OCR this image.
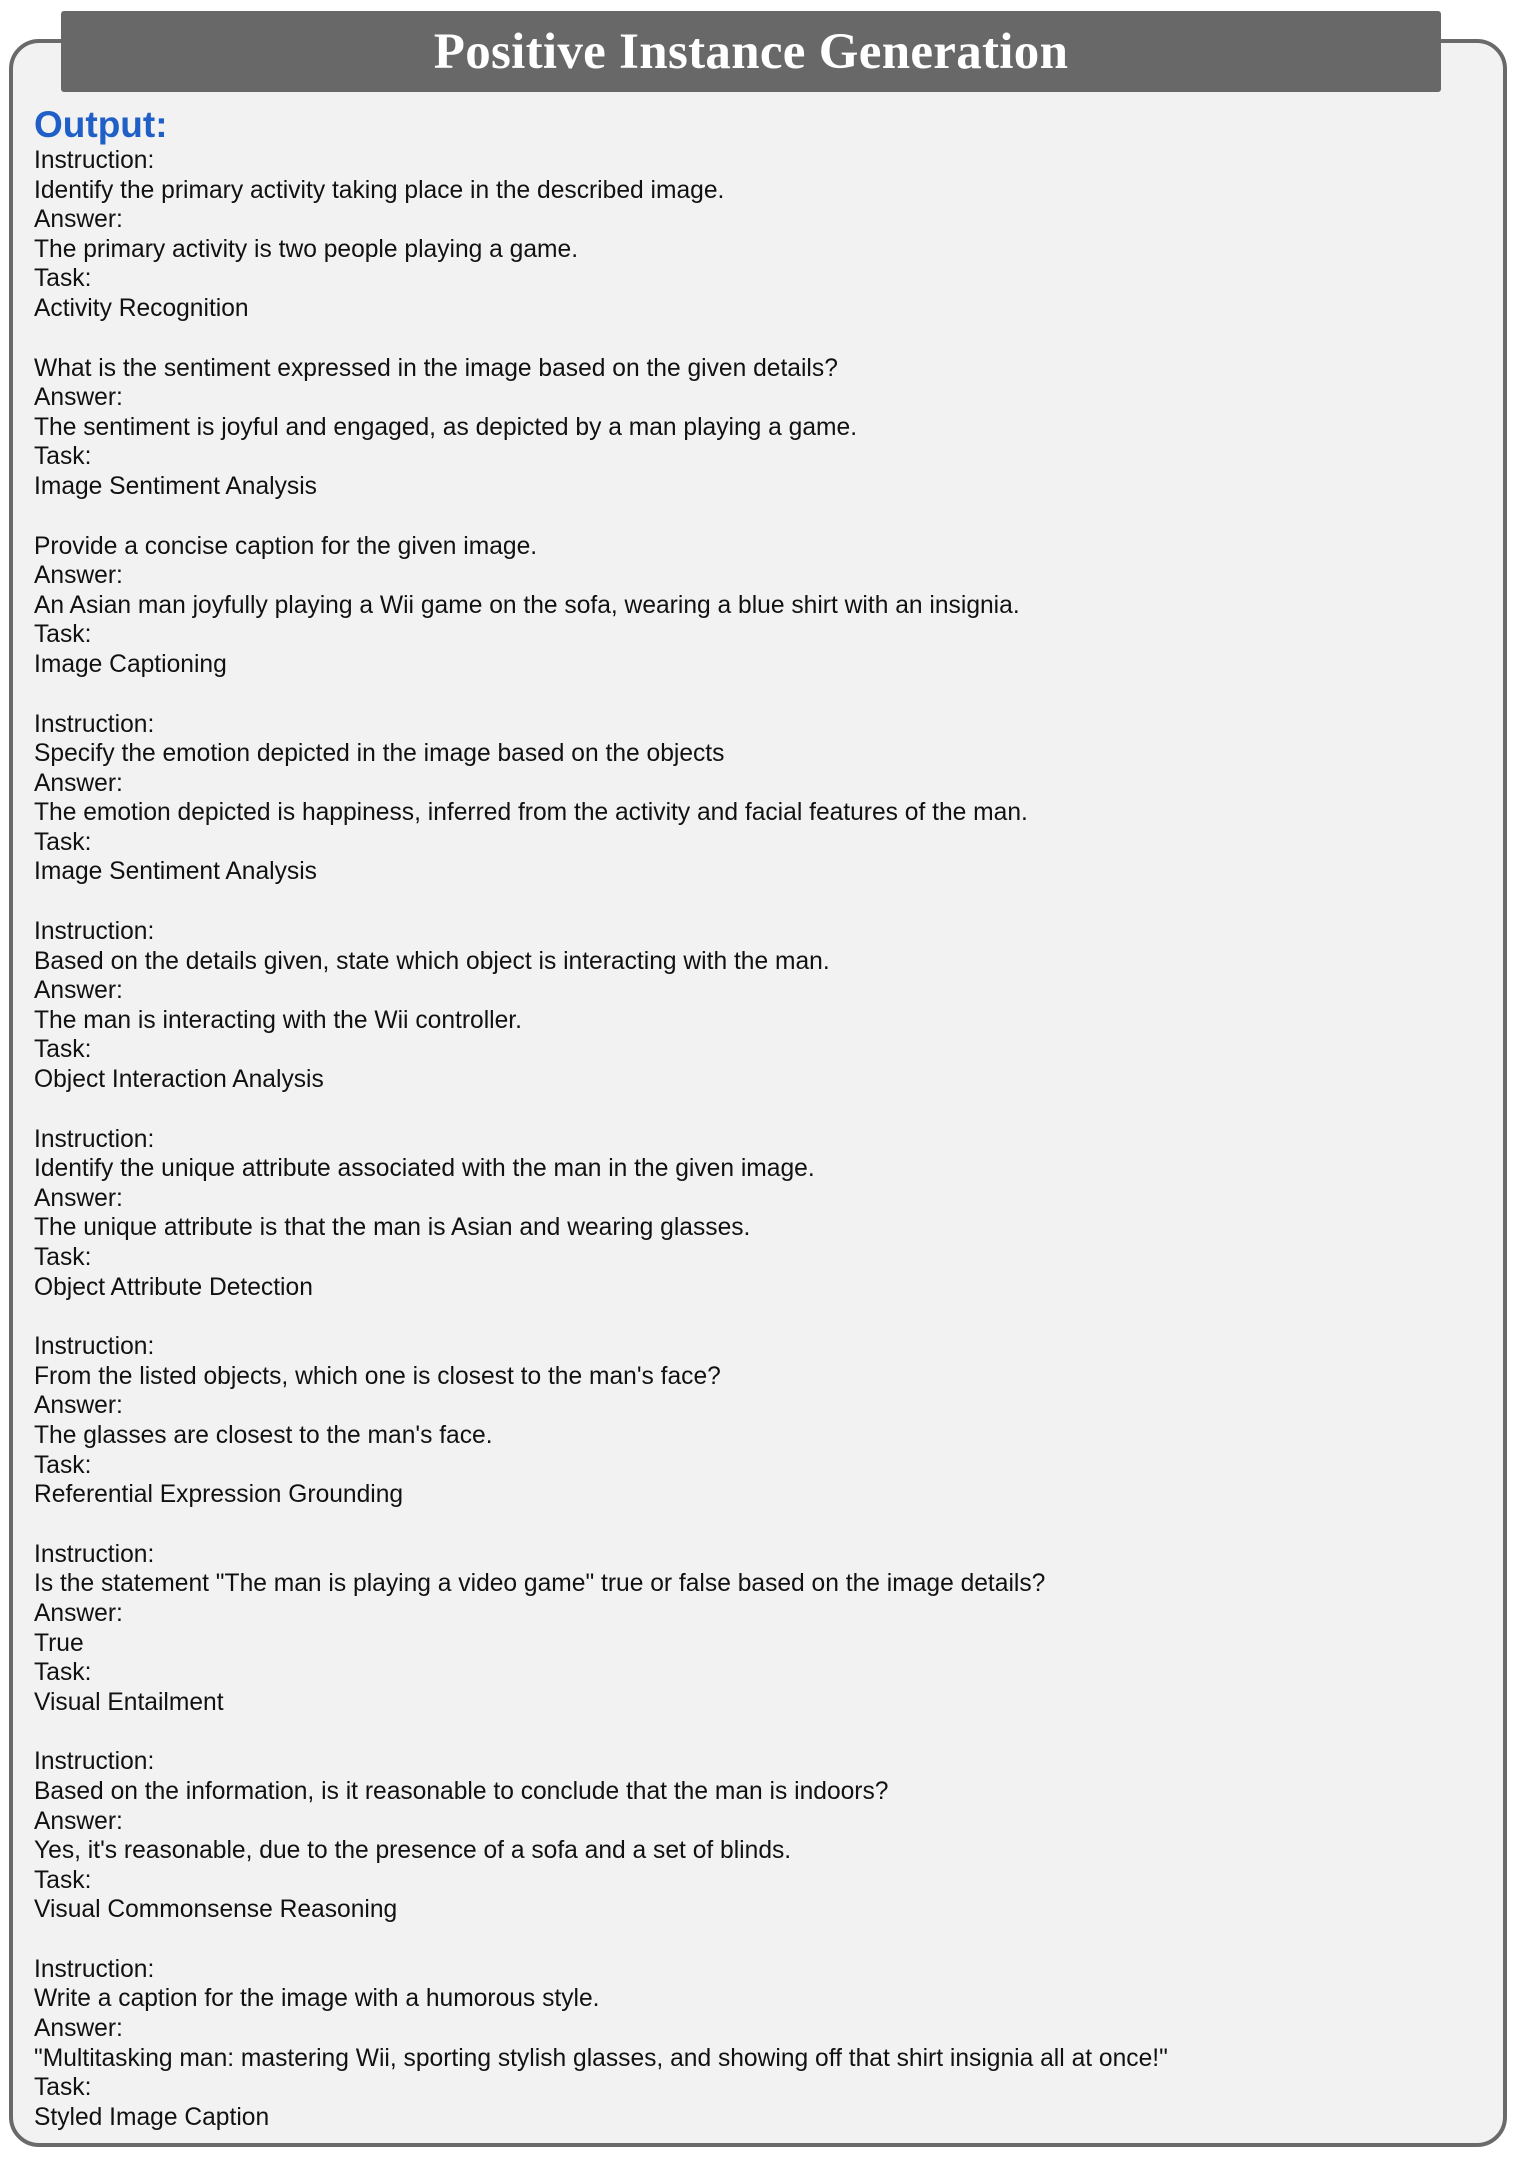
Positive Instance Generation
Output:
Instruction:
Identify the primary activity taking place in the described image.
Answer:
The primary activity is two people playing a game.
Task:
Activity Recognition
What is the sentiment expressed in the image based on the given details?
Answer:
The sentiment is joyful and engaged, as depicted by a man playing a game.
Task:
Image Sentiment Analysis
Provide a concise caption for the given image.
Answer:
An Asian man joyfully playing a Wii game on the sofa, wearing a blue shirt with an insignia.
Task:
Image Captioning
Instruction:
Specify the emotion depicted in the image based on the objects
Answer:
The emotion depicted is happiness, inferred from the activity and facial features of the man.
Task:
Image Sentiment Analysis
Instruction:
Based on the details given, state which object is interacting with the man.
Answer:
The man is interacting with the Wii controller.
Task:
Object Interaction Analysis
Instruction:
Identify the unique attribute associated with the man in the given image.
Answer:
The unique attribute is that the man is Asian and wearing glasses.
Task:
Object Attribute Detection
Instruction:
From the listed objects, which one is closest to the man's face?
Answer:
The glasses are closest to the man's face.
Task:
Referential Expression Grounding
Instruction:
Is the statement "The man is playing a video game" true or false based on the image details?
Answer:
True
Task:
Visual Entailment
Instruction:
Based on the information, is it reasonable to conclude that the man is indoors?
Answer:
Yes, it's reasonable, due to the presence of a sofa and a set of blinds.
Task:
Visual Commonsense Reasoning
Instruction:
Write a caption for the image with a humorous style.
Answer:
"Multitasking man: mastering Wii, sporting stylish glasses, and showing off that shirt insignia all at once!"
Task:
Styled Image Caption
